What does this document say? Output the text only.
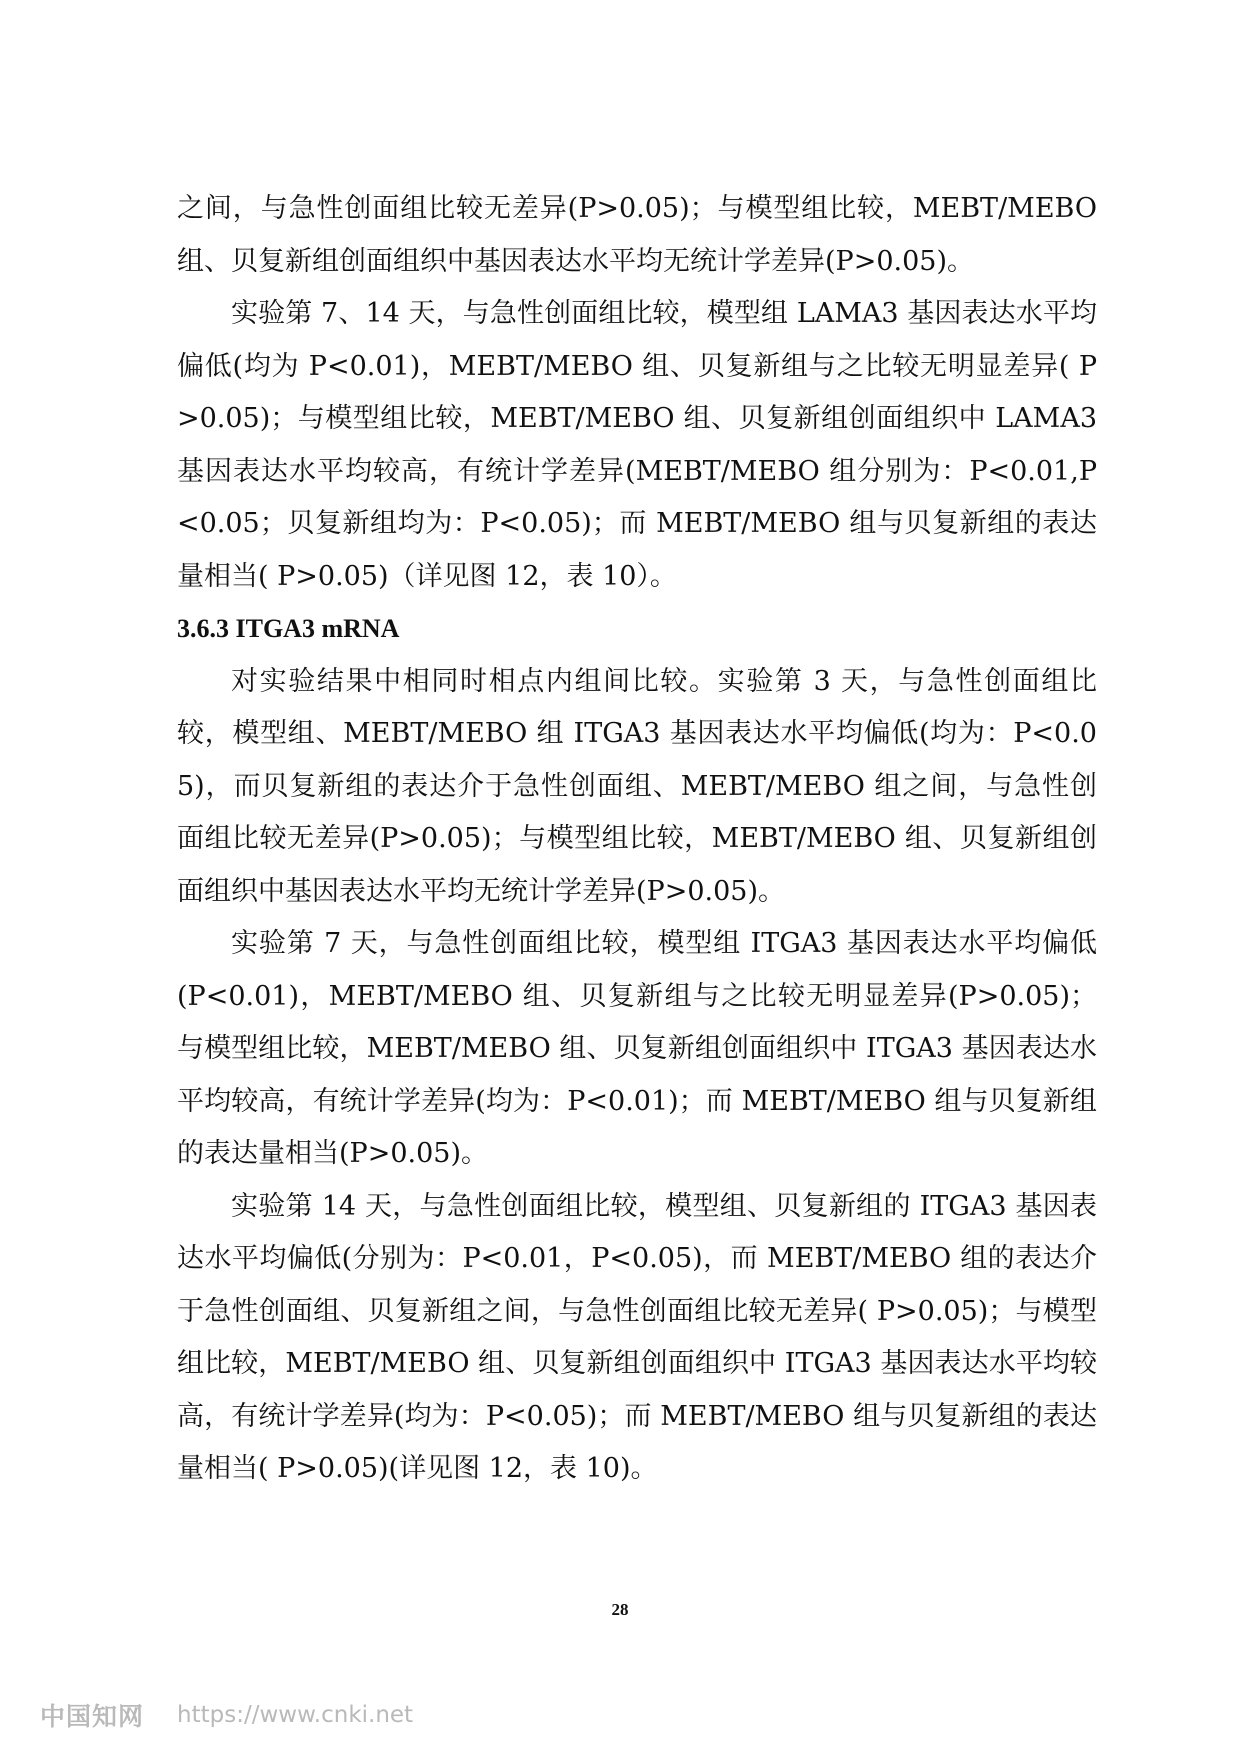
之间，与急性创面组比较无差异(P>0.05)；与模型组比较，MEBT/MEBO组、贝复新组创面组织中基因表达水平均无统计学差异(P>0.05)。

实验第 7、14 天，与急性创面组比较，模型组 LAMA3 基因表达水平均偏低(均为 P<0.01)，MEBT/MEBO 组、贝复新组与之比较无明显差异( P>0.05)；与模型组比较，MEBT/MEBO 组、贝复新组创面组织中 LAMA3 基因表达水平均较高，有统计学差异(MEBT/MEBO 组分别为：P<0.01,P<0.05；贝复新组均为：P<0.05)；而 MEBT/MEBO 组与贝复新组的表达量相当( P>0.05)（详见图 12，表 10）。

3.6.3 ITGA3 mRNA

对实验结果中相同时相点内组间比较。实验第 3 天，与急性创面组比较，模型组、MEBT/MEBO 组 ITGA3 基因表达水平均偏低(均为：P<0.05)，而贝复新组的表达介于急性创面组、MEBT/MEBO 组之间，与急性创面组比较无差异(P>0.05)；与模型组比较，MEBT/MEBO 组、贝复新组创面组织中基因表达水平均无统计学差异(P>0.05)。

实验第 7 天，与急性创面组比较，模型组 ITGA3 基因表达水平均偏低(P<0.01)，MEBT/MEBO 组、贝复新组与之比较无明显差异(P>0.05)；与模型组比较，MEBT/MEBO 组、贝复新组创面组织中 ITGA3 基因表达水平均较高，有统计学差异(均为：P<0.01)；而 MEBT/MEBO 组与贝复新组的表达量相当(P>0.05)。

实验第 14 天，与急性创面组比较，模型组、贝复新组的 ITGA3 基因表达水平均偏低(分别为：P<0.01，P<0.05)，而 MEBT/MEBO 组的表达介于急性创面组、贝复新组之间，与急性创面组比较无差异( P>0.05)；与模型组比较，MEBT/MEBO 组、贝复新组创面组织中 ITGA3 基因表达水平均较高，有统计学差异(均为：P<0.05)；而 MEBT/MEBO 组与贝复新组的表达量相当( P>0.05)(详见图 12，表 10)。

28
中国知网 https://www.cnki.net
